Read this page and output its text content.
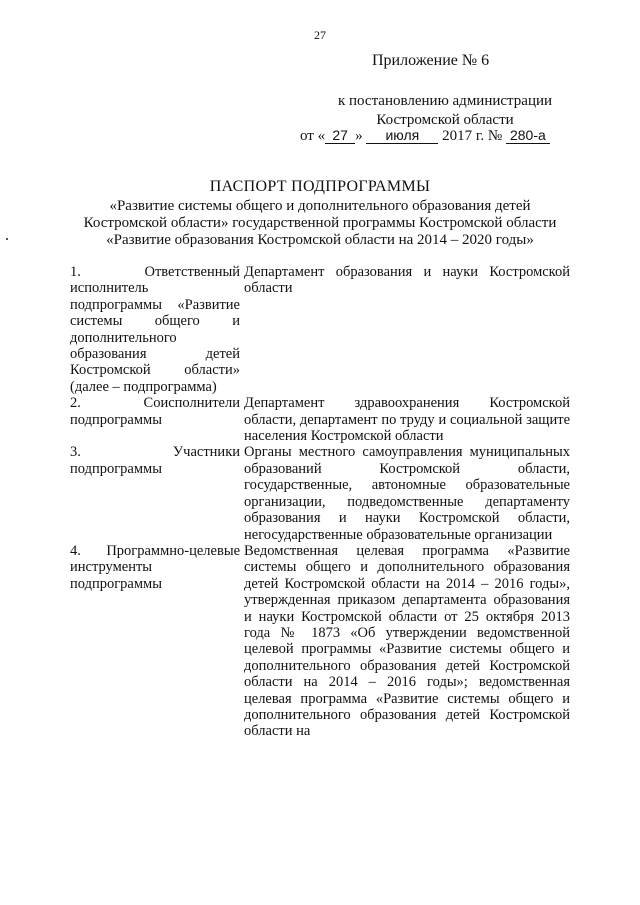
27
Приложение № 6
к постановлению администрации
Костромской области
от « 27 » июля 2017 г. № 280-а
ПАСПОРТ ПОДПРОГРАММЫ
«Развитие системы общего и дополнительного образования детей
Костромской области» государственной программы Костромской области
«Развитие образования Костромской области на 2014 – 2020 годы»
1. Ответственный исполнитель подпрограммы «Развитие системы общего и дополнительного образования детей Костромской области» (далее – подпрограмма)
Департамент образования и науки Костромской области
2. Соисполнители подпрограммы
Департамент здравоохранения Костромской области, департамент по труду и социальной защите населения Костромской области
3. Участники подпрограммы
Органы местного самоуправления муниципальных образований Костромской области, государственные, автономные образовательные организации, подведомственные департаменту образования и науки Костромской области, негосударственные образовательные организации
4. Программно-целевые инструменты подпрограммы
Ведомственная целевая программа «Развитие системы общего и дополнительного образования детей Костромской области на 2014 – 2016 годы», утвержденная приказом департамента образования и науки Костромской области от 25 октября 2013 года № 1873 «Об утверждении ведомственной целевой программы «Развитие системы общего и дополнительного образования детей Костромской области на 2014 – 2016 годы»; ведомственная целевая программа «Развитие системы общего и дополнительного образования детей Костромской области на
